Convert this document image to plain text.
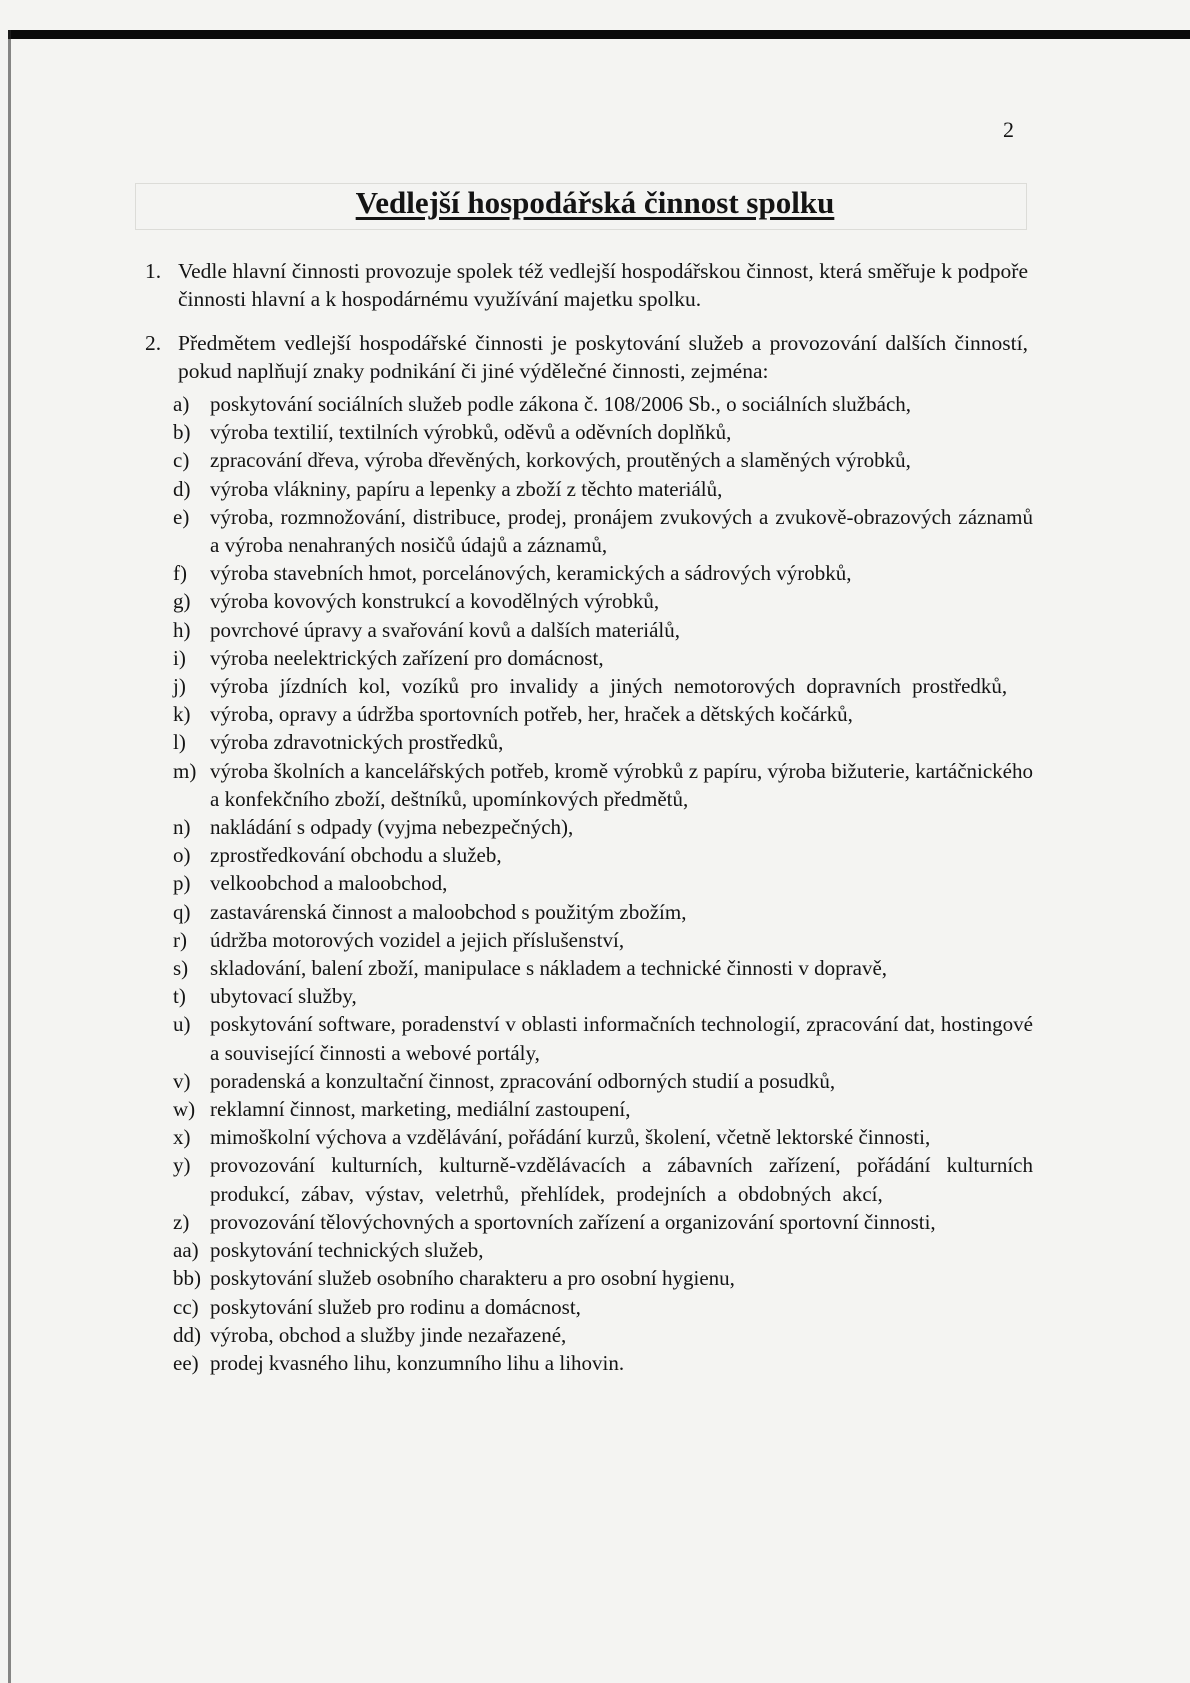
2
Vedlejší hospodářská činnost spolku
1. Vedle hlavní činnosti provozuje spolek též vedlejší hospodářskou činnost, která směřuje k podpoře činnosti hlavní a k hospodárnému využívání majetku spolku.
2. Předmětem vedlejší hospodářské činnosti je poskytování služeb a provozování dalších činností, pokud naplňují znaky podnikání či jiné výdělečné činnosti, zejména:
a) poskytování sociálních služeb podle zákona č. 108/2006 Sb., o sociálních službách,
b) výroba textilií, textilních výrobků, oděvů a oděvních doplňků,
c) zpracování dřeva, výroba dřevěných, korkových, proutěných a slaměných výrobků,
d) výroba vlákniny, papíru a lepenky a zboží z těchto materiálů,
e) výroba, rozmnožování, distribuce, prodej, pronájem zvukových a zvukově-obrazových záznamů a výroba nenahraných nosičů údajů a záznamů,
f) výroba stavebních hmot, porcelánových, keramických a sádrových výrobků,
g) výroba kovových konstrukcí a kovodělných výrobků,
h) povrchové úpravy a svařování kovů a dalších materiálů,
i) výroba neelektrických zařízení pro domácnost,
j) výroba jízdních kol, vozíků pro invalidy a jiných nemotorových dopravních prostředků,
k) výroba, opravy a údržba sportovních potřeb, her, hraček a dětských kočárků,
l) výroba zdravotnických prostředků,
m) výroba školních a kancelářských potřeb, kromě výrobků z papíru, výroba bižuterie, kartáčnického a konfekčního zboží, deštníků, upomínkových předmětů,
n) nakládání s odpady (vyjma nebezpečných),
o) zprostředkování obchodu a služeb,
p) velkoobchod a maloobchod,
q) zastavárenská činnost a maloobchod s použitým zbožím,
r) údržba motorových vozidel a jejich příslušenství,
s) skladování, balení zboží, manipulace s nákladem a technické činnosti v dopravě,
t) ubytovací služby,
u) poskytování software, poradenství v oblasti informačních technologií, zpracování dat, hostingové a související činnosti a webové portály,
v) poradenská a konzultační činnost, zpracování odborných studií a posudků,
w) reklamní činnost, marketing, mediální zastoupení,
x) mimoškolní výchova a vzdělávání, pořádání kurzů, školení, včetně lektorské činnosti,
y) provozování kulturních, kulturně-vzdělávacích a zábavních zařízení, pořádání kulturních produkcí, zábav, výstav, veletrhů, přehlídek, prodejních a obdobných akcí,
z) provozování tělovýchovných a sportovních zařízení a organizování sportovní činnosti,
aa) poskytování technických služeb,
bb) poskytování služeb osobního charakteru a pro osobní hygienu,
cc) poskytování služeb pro rodinu a domácnost,
dd) výroba, obchod a služby jinde nezařazené,
ee) prodej kvasného lihu, konzumního lihu a lihovin.
